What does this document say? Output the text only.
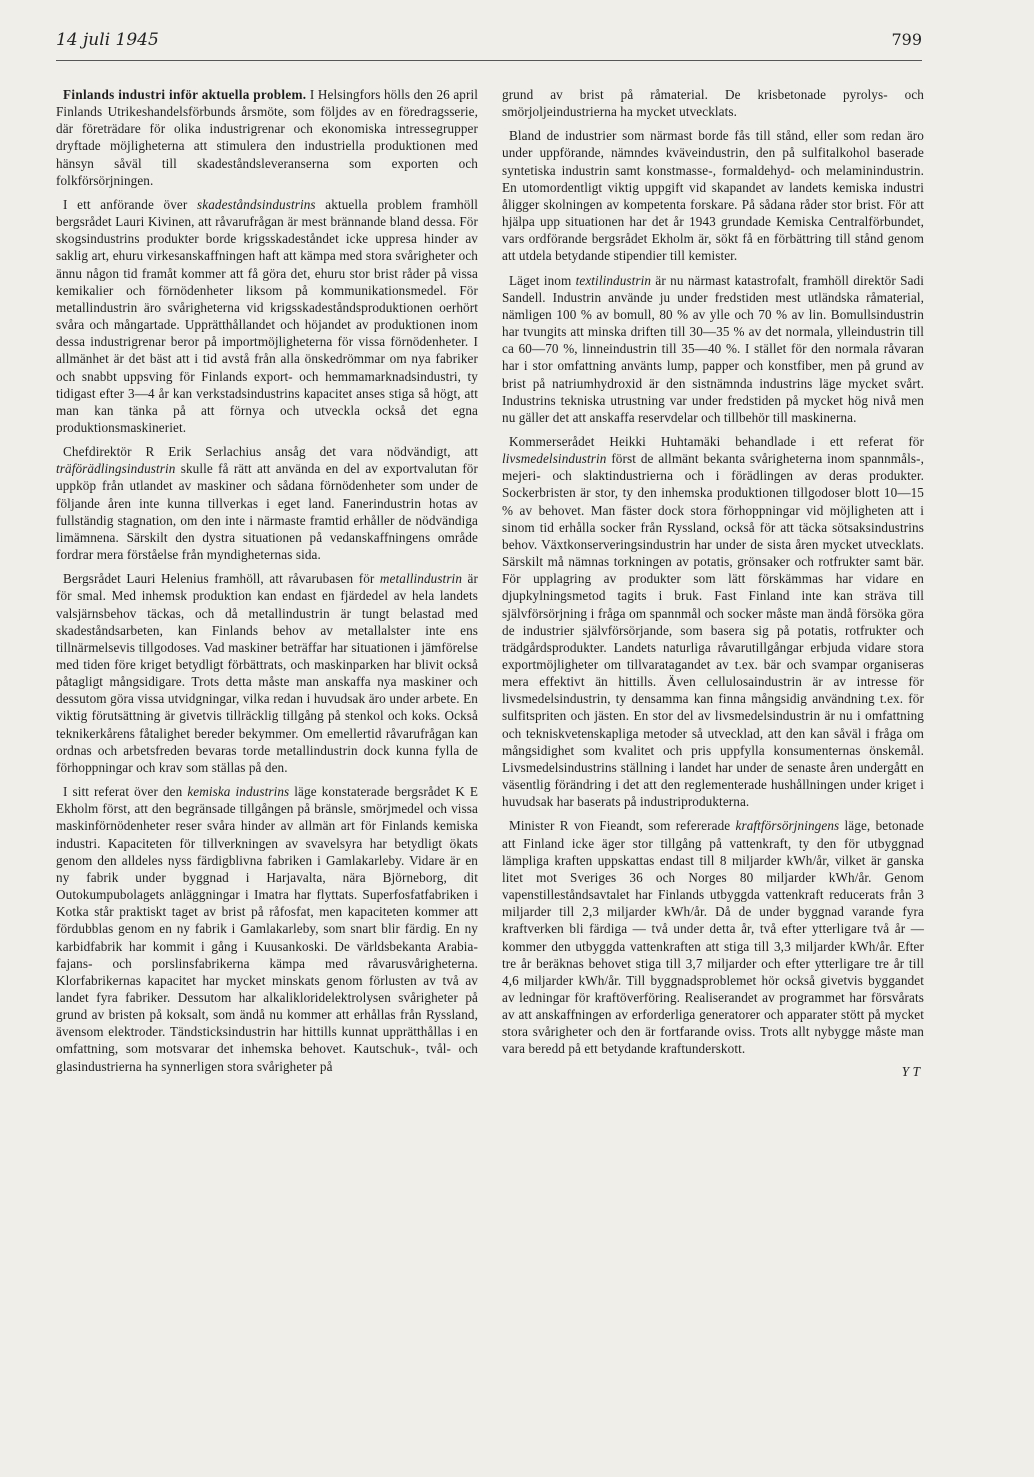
14 juli 1945	799
Finlands industri inför aktuella problem. I Helsingfors hölls den 26 april Finlands Utrikeshandelsförbunds årsmöte, som följdes av en föredragsserie, där företrädare för olika industrigrenar och ekonomiska intressegrupper dryftade möjligheterna att stimulera den industriella produktionen med hänsyn såväl till skadeståndsleveranserna som exporten och folkförsörjningen.
I ett anförande över skadeståndsindustrins aktuella problem framhöll bergsrådet Lauri Kivinen, att råvarufrågan är mest brännande bland dessa. För skogsindustrins produkter borde krigsskadeståndet icke uppresa hinder av saklig art, ehuru virkesanskaffningen haft att kämpa med stora svårigheter och ännu någon tid framåt kommer att få göra det, ehuru stor brist råder på vissa kemikalier och förnödenheter liksom på kommunikationsmedel. För metallindustrin äro svårigheterna vid krigsskadeståndsproduktionen oerhört svåra och mångartade. Upprätthållandet och höjandet av produktionen inom dessa industrigrenar beror på importmöjligheterna för vissa förnödenheter. I allmänhet är det bäst att i tid avstå från alla önskedrömmar om nya fabriker och snabbt uppsving för Finlands export- och hemmamarknadsindustri, ty tidigast efter 3—4 år kan verkstadsindustrins kapacitet anses stiga så högt, att man kan tänka på att förnya och utveckla också det egna produktionsmaskineriet.
Chefdirektör R Erik Serlachius ansåg det vara nödvändigt, att träförädlingsindustrin skulle få rätt att använda en del av exportvalutan för uppköp från utlandet av maskiner och sådana förnödenheter som under de följande åren inte kunna tillverkas i eget land. Fanerindustrin hotas av fullständig stagnation, om den inte i närmaste framtid erhåller de nödvändiga limämnena. Särskilt den dystra situationen på vedanskaffningens område fordrar mera förståelse från myndigheternas sida.
Bergsrådet Lauri Helenius framhöll, att råvarubasen för metallindustrin är för smal. Med inhemsk produktion kan endast en fjärdedel av hela landets valsjärnsbehov täckas, och då metallindustrin är tungt belastad med skadeståndsarbeten, kan Finlands behov av metallalster inte ens tillnärmelsevis tillgodoses. Vad maskiner beträffar har situationen i jämförelse med tiden före kriget betydligt förbättrats, och maskinparken har blivit också påtagligt mångsidigare. Trots detta måste man anskaffa nya maskiner och dessutom göra vissa utvidgningar, vilka redan i huvudsak äro under arbete. En viktig förutsättning är givetvis tillräcklig tillgång på stenkol och koks. Också teknikerkårens fåtalighet bereder bekymmer. Om emellertid råvarufrågan kan ordnas och arbetsfreden bevaras torde metallindustrin dock kunna fylla de förhoppningar och krav som ställas på den.
I sitt referat över den kemiska industrins läge konstaterade bergsrådet K E Ekholm först, att den begränsade tillgången på bränsle, smörjmedel och vissa maskinförnödenheter reser svåra hinder av allmän art för Finlands kemiska industri. Kapaciteten för tillverkningen av svavelsyra har betydligt ökats genom den alldeles nyss färdigblivna fabriken i Gamlakarleby. Vidare är en ny fabrik under byggnad i Harjavalta, nära Björneborg, dit Outokumpubolagets anläggningar i Imatra har flyttats. Superfosfatfabriken i Kotka står praktiskt taget av brist på råfosfat, men kapaciteten kommer att fördubblas genom en ny fabrik i Gamlakarleby, som snart blir färdig. En ny karbidfabrik har kommit i gång i Kuusankoski. De världsbekanta Arabia-fajans- och porslinsfabrikerna kämpa med råvarusvårigheterna. Klorfabrikernas kapacitet har mycket minskats genom förlusten av två av landet fyra fabriker. Dessutom har alkalikloridelektrolysen svårigheter på grund av bristen på koksalt, som ändå nu kommer att erhållas från Ryssland, ävensom elektroder. Tändsticksindustrin har hittills kunnat upprätthållas i en omfattning, som motsvarar det inhemska behovet. Kautschuk-, tvål- och glasindustrierna ha synnerligen stora svårigheter på
grund av brist på råmaterial. De krisbetonade pyrolys- och smörjoljeindustrierna ha mycket utvecklats.
Bland de industrier som närmast borde fås till stånd, eller som redan äro under uppförande, nämndes kväveindustrin, den på sulfitalkohol baserade syntetiska industrin samt konstmasse-, formaldehyd- och melaminindustrin. En utomordentligt viktig uppgift vid skapandet av landets kemiska industri åligger skolningen av kompetenta forskare. På sådana råder stor brist. För att hjälpa upp situationen har det år 1943 grundade Kemiska Centralförbundet, vars ordförande bergsrådet Ekholm är, sökt få en förbättring till stånd genom att utdela betydande stipendier till kemister.
Läget inom textilindustrin är nu närmast katastrofalt, framhöll direktör Sadi Sandell. Industrin använde ju under fredstiden mest utländska råmaterial, nämligen 100 % av bomull, 80 % av ylle och 70 % av lin. Bomullsindustrin har tvungits att minska driften till 30—35 % av det normala, ylleindustrin till ca 60—70 %, linneindustrin till 35—40 %. I stället för den normala råvaran har i stor omfattning använts lump, papper och konstfiber, men på grund av brist på natriumhydroxid är den sistnämnda industrins läge mycket svårt. Industrins tekniska utrustning var under fredstiden på mycket hög nivå men nu gäller det att anskaffa reservdelar och tillbehör till maskinerna.
Kommerserådet Heikki Huhtamäki behandlade i ett referat för livsmedelsindustrin först de allmänt bekanta svårigheterna inom spannmåls-, mejeri- och slaktindustrierna och i förädlingen av deras produkter. Sockerbristen är stor, ty den inhemska produktionen tillgodoser blott 10—15 % av behovet. Man fäster dock stora förhoppningar vid möjligheten att i sinom tid erhålla socker från Ryssland, också för att täcka sötsaksindustrins behov. Växtkonserveringsindustrin har under de sista åren mycket utvecklats. Särskilt må nämnas torkningen av potatis, grönsaker och rotfrukter samt bär. För upplagring av produkter som lätt förskämmas har vidare en djupkylningsmetod tagits i bruk. Fast Finland inte kan sträva till självförsörjning i fråga om spannmål och socker måste man ändå försöka göra de industrier självförsörjande, som basera sig på potatis, rotfrukter och trädgårdsprodukter. Landets naturliga råvarutillgångar erbjuda vidare stora exportmöjligheter om tillvaratagandet av t.ex. bär och svampar organiseras mera effektivt än hittills. Även cellulosaindustrin är av intresse för livsmedelsindustrin, ty densamma kan finna mångsidig användning t.ex. för sulfitspriten och jästen. En stor del av livsmedelsindustrin är nu i omfattning och tekniskvetenskapliga metoder så utvecklad, att den kan såväl i fråga om mångsidighet som kvalitet och pris uppfylla konsumenternas önskemål. Livsmedelsindustrins ställning i landet har under de senaste åren undergått en väsentlig förändring i det att den reglementerade hushållningen under kriget i huvudsak har baserats på industriprodukterna.
Minister R von Fieandt, som refererade kraftförsörjningens läge, betonade att Finland icke äger stor tillgång på vattenkraft, ty den för utbyggnad lämpliga kraften uppskattas endast till 8 miljarder kWh/år, vilket är ganska litet mot Sveriges 36 och Norges 80 miljarder kWh/år. Genom vapenstilleståndsavtalet har Finlands utbyggda vattenkraft reducerats från 3 miljarder till 2,3 miljarder kWh/år. Då de under byggnad varande fyra kraftverken bli färdiga — två under detta år, två efter ytterligare två år — kommer den utbyggda vattenkraften att stiga till 3,3 miljarder kWh/år. Efter tre år beräknas behovet stiga till 3,7 miljarder och efter ytterligare tre år till 4,6 miljarder kWh/år. Till byggnadsproblemet hör också givetvis byggandet av ledningar för kraftöverföring. Realiserandet av programmet har försvårats av att anskaffningen av erforderliga generatorer och apparater stött på mycket stora svårigheter och den är fortfarande oviss. Trots allt nybygge måste man vara beredd på ett betydande kraftunderskott.
Y T
